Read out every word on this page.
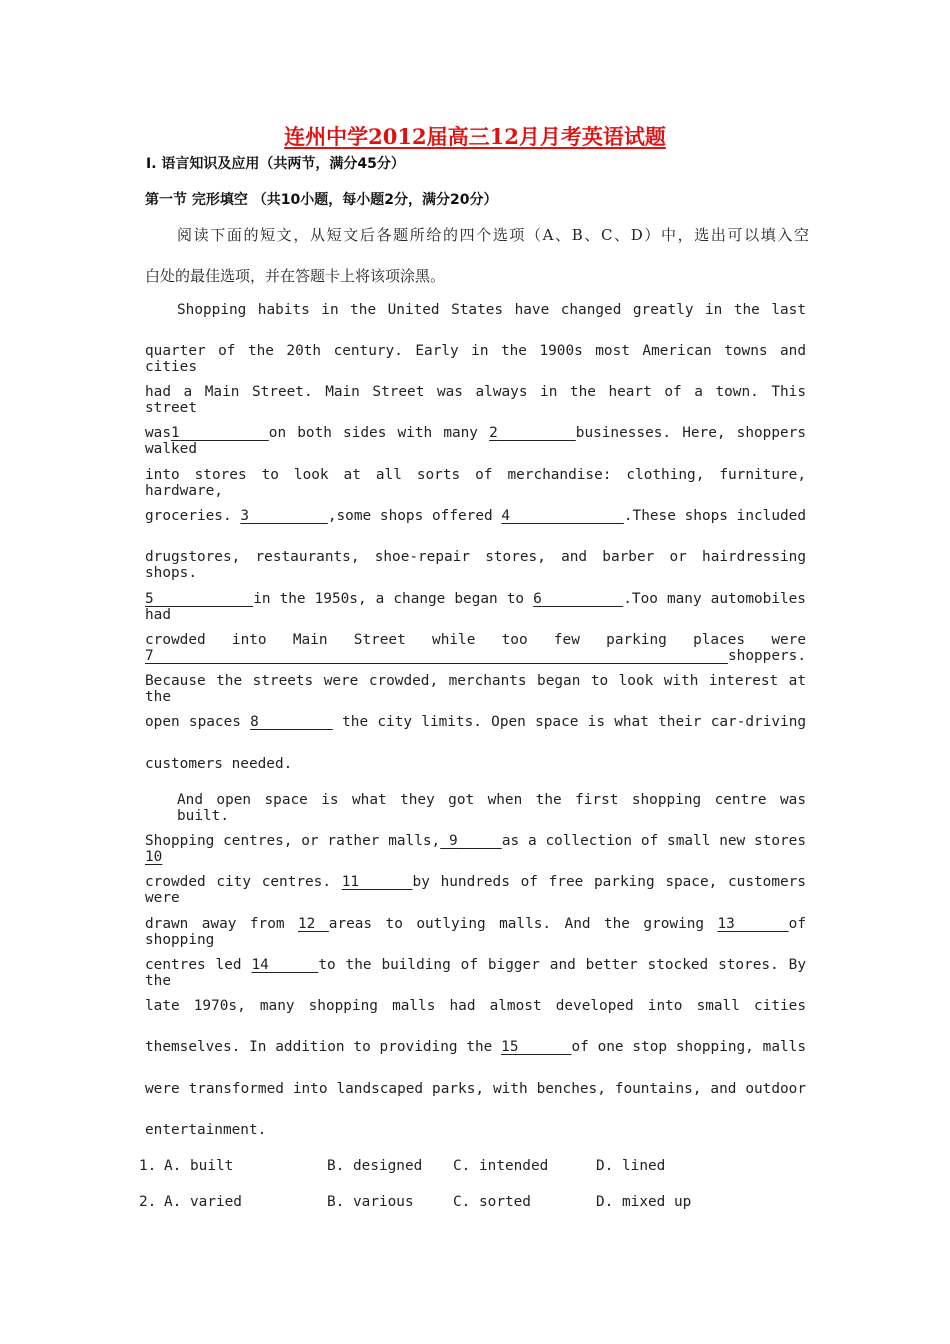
连州中学2012届高三12月月考英语试题
Ⅰ. 语言知识及应用（共两节，满分45分）
第一节 完形填空 （共10小题，每小题2分，满分20分）
阅读下面的短文，从短文后各题所给的四个选项（A、B、C、D）中，选出可以填入空
白处的最佳选项，并在答题卡上将该项涂黑。
Shopping habits in the United States have changed greatly in the last
quarter of the 20th century. Early in the 1900s most American towns and cities
had a Main Street. Main Street was always in the heart of a town. This street
was1	on both sides with many 2	businesses. Here, shoppers walked
into stores to look at all sorts of merchandise: clothing, furniture, hardware,
groceries. 3	,some shops offered 4	.These shops included
drugstores, restaurants, shoe-repair stores, and barber or hairdressing shops.
5	in the 1950s, a change began to 6	.Too many automobiles had
crowded into Main Street while too few parking places were 7	shoppers.
Because the streets were crowded, merchants began to look with interest at the
open spaces 8	the city limits. Open space is what their car-driving
customers needed.
And open space is what they got when the first shopping centre was built.
Shopping centres, or rather malls, 9	as a collection of small new stores 10
crowded city centres. 11	by hundreds of free parking space, customers were
drawn away from 12 areas to outlying malls. And the growing 13	of shopping
centres led 14	to the building of bigger and better stocked stores. By the
late 1970s, many shopping malls had almost developed into small cities
themselves. In addition to providing the 15	of one stop shopping, malls
were transformed into landscaped parks, with benches, fountains, and outdoor
entertainment.
1. A. built	B. designed C. intended	D. lined
2. A. varied	B. various	C. sorted	D. mixed up
